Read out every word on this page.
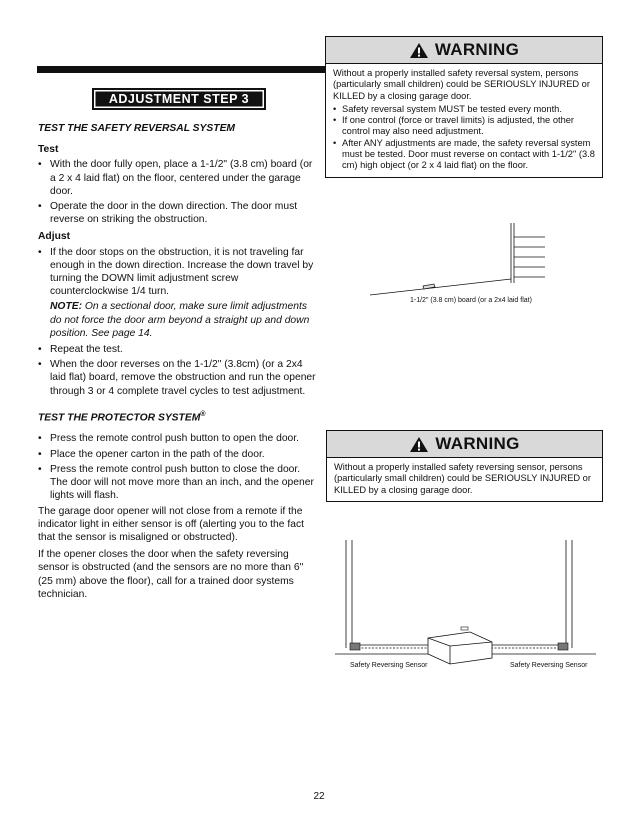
ADJUSTMENT STEP 3
TEST THE SAFETY REVERSAL SYSTEM
Test
• With the door fully open, place a 1-1/2" (3.8 cm) board (or a 2 x 4 laid flat) on the floor, centered under the garage door.
• Operate the door in the down direction. The door must reverse on striking the obstruction.
Adjust
• If the door stops on the obstruction, it is not traveling far enough in the down direction. Increase the down travel by turning the DOWN limit adjustment screw counterclockwise 1/4 turn.
NOTE: On a sectional door, make sure limit adjustments do not force the door arm beyond a straight up and down position. See page 14.
• Repeat the test.
• When the door reverses on the 1-1/2" (3.8cm) (or a 2x4 laid flat) board, remove the obstruction and run the opener through 3 or 4 complete travel cycles to test adjustment.
TEST THE PROTECTOR SYSTEM®
• Press the remote control push button to open the door.
• Place the opener carton in the path of the door.
• Press the remote control push button to close the door. The door will not move more than an inch, and the opener lights will flash.

The garage door opener will not close from a remote if the indicator light in either sensor is off (alerting you to the fact that the sensor is misaligned or obstructed).

If the opener closes the door when the safety reversing sensor is obstructed (and the sensors are no more than 6" (25 mm) above the floor), call for a trained door systems technician.

WARNING
Without a properly installed safety reversal system, persons (particularly small children) could be SERIOUSLY INJURED or KILLED by a closing garage door.
• Safety reversal system MUST be tested every month.
• If one control (force or travel limits) is adjusted, the other control may also need adjustment.
• After ANY adjustments are made, the safety reversal system must be tested. Door must reverse on contact with 1-1/2" (3.8 cm) high object (or 2 x 4 laid flat) on the floor.
1-1/2" (3.8 cm) board (or a 2x4 laid flat)
WARNING
Without a properly installed safety reversing sensor, persons (particularly small children) could be SERIOUSLY INJURED or KILLED by a closing garage door.
Safety Reversing Sensor	Safety Reversing Sensor
22
